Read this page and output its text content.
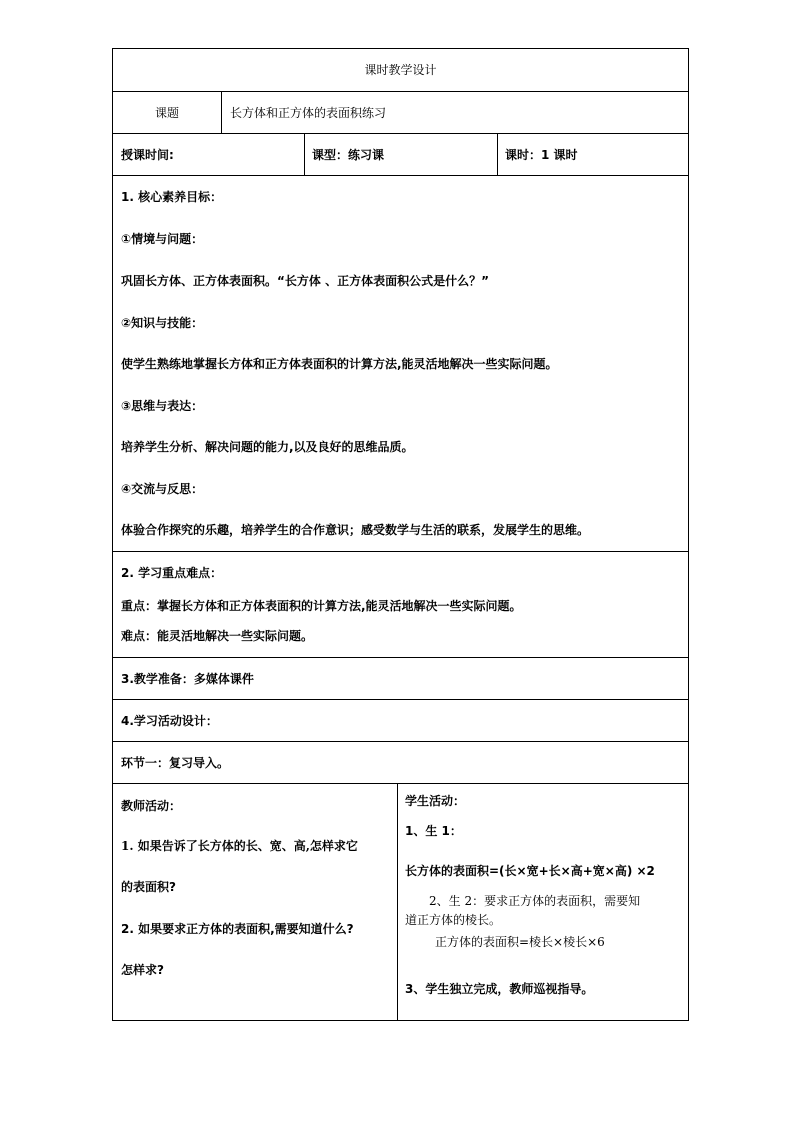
课时教学设计
课题	长方体和正方体的表面积练习
授课时间:	课型：练习课	课时：1 课时
1. 核心素养目标：
①情境与问题：
巩固长方体、正方体表面积。“长方体 、正方体表面积公式是什么？”
②知识与技能：
使学生熟练地掌握长方体和正方体表面积的计算方法,能灵活地解决一些实际问题。
③思维与表达：
培养学生分析、解决问题的能力,以及良好的思维品质。
④交流与反思：
体验合作探究的乐趣，培养学生的合作意识；感受数学与生活的联系，发展学生的思维。
2. 学习重点难点：
重点：掌握长方体和正方体表面积的计算方法,能灵活地解决一些实际问题。
难点：能灵活地解决一些实际问题。
3.教学准备：多媒体课件
4.学习活动设计：
环节一：复习导入。
教师活动：
1. 如果告诉了长方体的长、宽、高,怎样求它
的表面积?
2. 如果要求正方体的表面积,需要知道什么?
怎样求?
学生活动：
1、生 1：
长方体的表面积=(长×宽+长×高+宽×高) ×2
2、生 2：要求正方体的表面积，需要知
道正方体的棱长。
正方体的表面积=棱长×棱长×6
3、学生独立完成，教师巡视指导。
